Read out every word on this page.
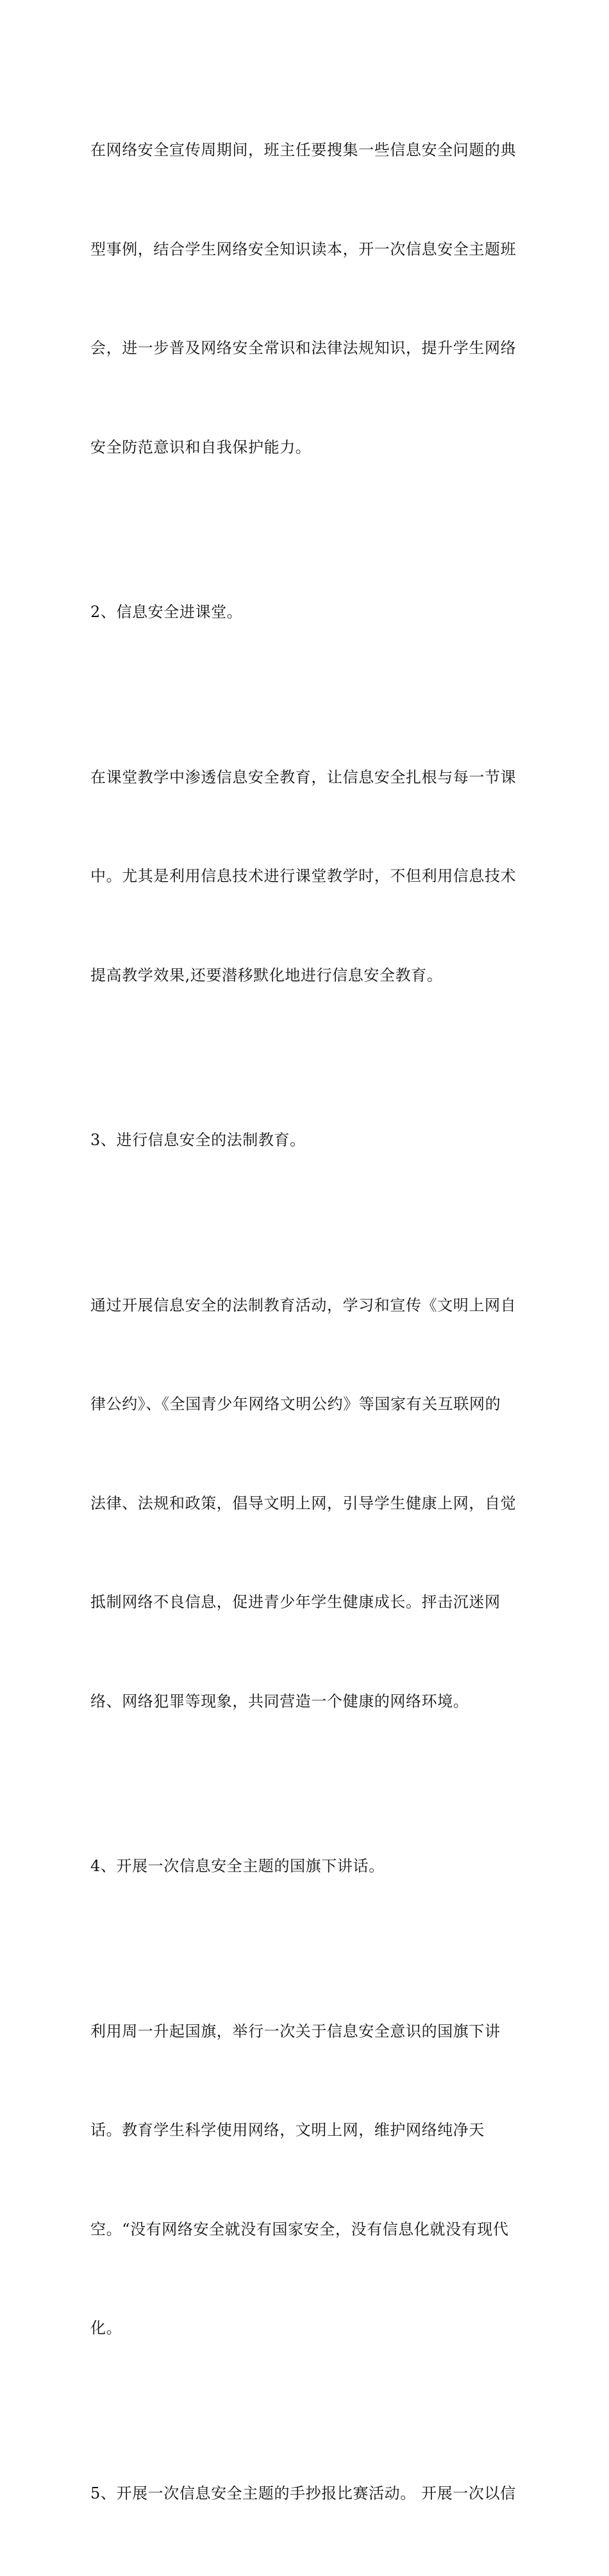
在网络安全宣传周期间，班主任要搜集一些信息安全问题的典

型事例，结合学生网络安全知识读本，开一次信息安全主题班

会，进一步普及网络安全常识和法律法规知识，提升学生网络

安全防范意识和自我保护能力。

2、信息安全进课堂。

在课堂教学中渗透信息安全教育，让信息安全扎根与每一节课

中。尤其是利用信息技术进行课堂教学时，不但利用信息技术

提高教学效果,还要潜移默化地进行信息安全教育。

3、进行信息安全的法制教育。

通过开展信息安全的法制教育活动，学习和宣传《文明上网自

律公约》、《全国青少年网络文明公约》等国家有关互联网的

法律、法规和政策，倡导文明上网，引导学生健康上网，自觉

抵制网络不良信息，促进青少年学生健康成长。抨击沉迷网

络、网络犯罪等现象，共同营造一个健康的网络环境。

4、开展一次信息安全主题的国旗下讲话。

利用周一升起国旗，举行一次关于信息安全意识的国旗下讲

话。教育学生科学使用网络，文明上网，维护网络纯净天

空。“没有网络安全就没有国家安全，没有信息化就没有现代

化。

5、开展一次信息安全主题的手抄报比赛活动。 开展一次以信
